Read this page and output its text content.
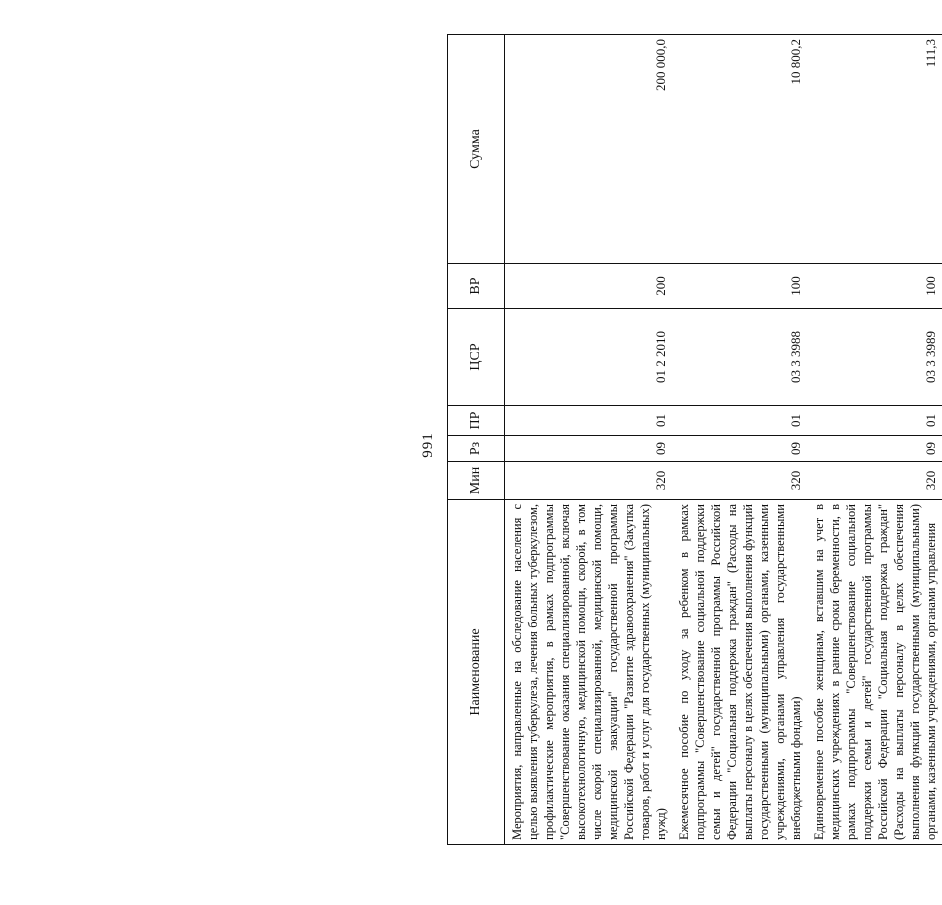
991
Наименование	Мин	Рз	ПР	ЦСР	ВР	Сумма
Мероприятия, направленные на обследование населения с целью выявления туберкулеза, лечения больных туберкулезом, профилактические мероприятия, в рамках подпрограммы "Совершенствование оказания специализированной, включая высокотехнологичную, медицинской помощи, скорой, в том числе скорой специализированной, медицинской помощи, медицинской эвакуации" государственной программы Российской Федерации "Развитие здравоохранения" (Закупка товаров, работ и услуг для государственных (муниципальных) нужд)	320	09	01	01 2 2010	200	200 000,0
Ежемесячное пособие по уходу за ребенком в рамках подпрограммы "Совершенствование социальной поддержки семьи и детей" государственной программы Российской Федерации "Социальная поддержка граждан" (Расходы на выплаты персоналу в целях обеспечения выполнения функций государственными (муниципальными) органами, казенными учреждениями, органами управления государственными внебюджетными фондами)	320	09	01	03 3 3988	100	10 800,2
Единовременное пособие женщинам, вставшим на учет в медицинских учреждениях в ранние сроки беременности, в рамках подпрограммы "Совершенствование социальной поддержки семьи и детей" государственной программы Российской Федерации "Социальная поддержка граждан" (Расходы на выплаты персоналу в целях обеспечения выполнения функций государственными (муниципальными) органами, казенными учреждениями, органами управления	320	09	01	03 3 3989	100	111,3
